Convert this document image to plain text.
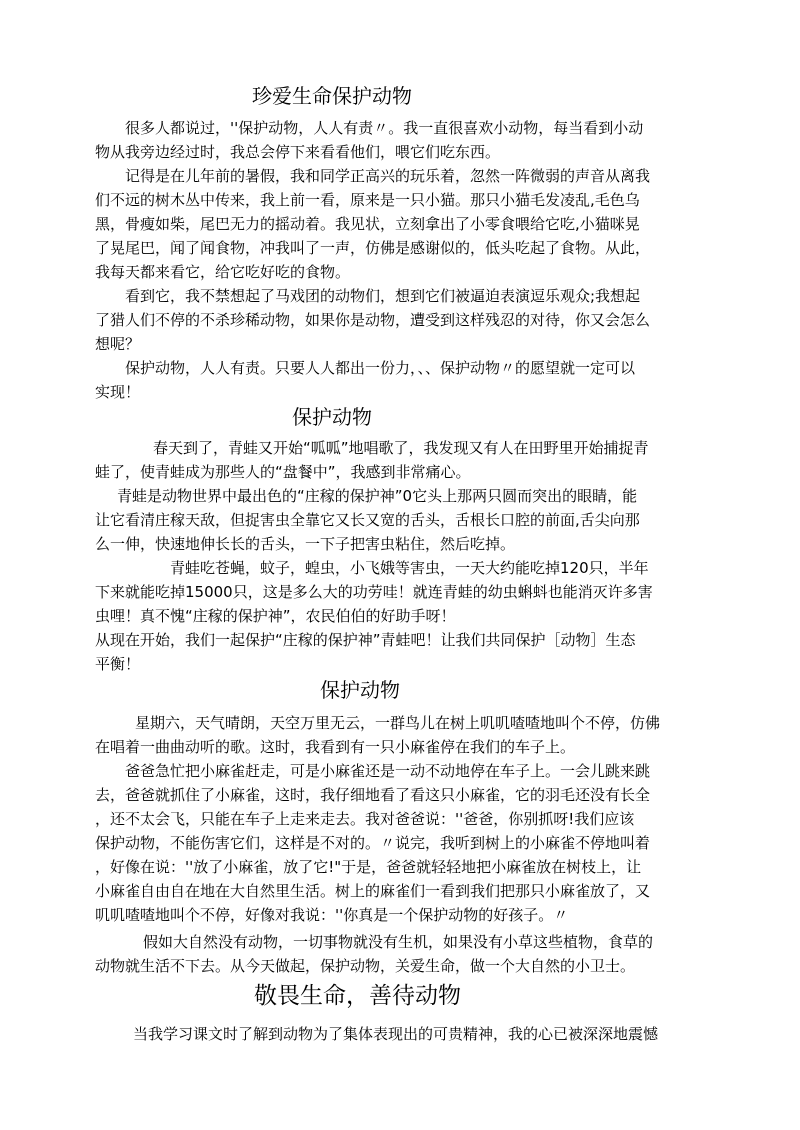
珍爱生命保护动物
很多人都说过，''保护动物，人人有责〃。我一直很喜欢小动物，每当看到小动
物从我旁边经过时，我总会停下来看看他们，喂它们吃东西。
记得是在儿年前的暑假，我和同学正高兴的玩乐着，忽然一阵微弱的声音从离我
们不远的树木丛中传来，我上前一看，原来是一只小猫。那只小猫毛发凌乱,毛色乌
黑，骨瘦如柴，尾巴无力的摇动着。我见状，立刻拿出了小零食喂给它吃,小猫咪晃
了晃尾巴，闻了闻食物，冲我叫了一声，仿佛是感谢似的，低头吃起了食物。从此，
我每天都来看它，给它吃好吃的食物。
看到它，我不禁想起了马戏团的动物们，想到它们被逼迫表演逗乐观众;我想起
了猎人们不停的不杀珍稀动物，如果你是动物，遭受到这样残忍的对待，你又会怎么
想呢？
保护动物，人人有责。只要人人都出一份力，、、保护动物〃的愿望就一定可以
实现！
保护动物
春天到了，青蛙又开始“呱呱”地唱歌了，我发现又有人在田野里开始捕捉青
蛙了，使青蛙成为那些人的“盘餐中”，我感到非常痛心。
青蛙是动物世界中最出色的“庄稼的保护神”0它头上那两只圆而突出的眼睛，能
让它看清庄稼天敌，但捉害虫全靠它又长又宽的舌头，舌根长口腔的前面,舌尖向那
么一伸，快速地伸长长的舌头，一下子把害虫粘住，然后吃掉。
青蛙吃苍蝇，蚊子，蝗虫，小飞娥等害虫，一天大约能吃掉120只，半年
下来就能吃掉15000只，这是多么大的功劳哇！就连青蛙的幼虫蝌蚪也能消灭许多害
虫哩！真不愧“庄稼的保护神”，农民伯伯的好助手呀！
从现在开始，我们一起保护“庄稼的保护神”青蛙吧！让我们共同保护［动物］生态
平衡！
保护动物
星期六，天气晴朗，天空万里无云，一群鸟儿在树上叽叽喳喳地叫个不停，仿佛
在唱着一曲曲动听的歌。这时，我看到有一只小麻雀停在我们的车子上。
爸爸急忙把小麻雀赶走，可是小麻雀还是一动不动地停在车子上。一会儿跳来跳
去，爸爸就抓住了小麻雀，这时，我仔细地看了看这只小麻雀，它的羽毛还没有长全
，还不太会飞，只能在车子上走来走去。我对爸爸说：''爸爸，你别抓呀!我们应该
保护动物，不能伤害它们，这样是不对的。〃说完，我听到树上的小麻雀不停地叫着
，好像在说：''放了小麻雀，放了它!"于是，爸爸就轻轻地把小麻雀放在树枝上，让
小麻雀自由自在地在大自然里生活。树上的麻雀们一看到我们把那只小麻雀放了，又
叽叽喳喳地叫个不停，好像对我说：''你真是一个保护动物的好孩子。〃
假如大自然没有动物，一切事物就没有生机，如果没有小草这些植物，食草的
动物就生活不下去。从今天做起，保护动物，关爱生命，做一个大自然的小卫士。
敬畏生命，善待动物
当我学习课文时了解到动物为了集体表现出的可贵精神，我的心已被深深地震憾
